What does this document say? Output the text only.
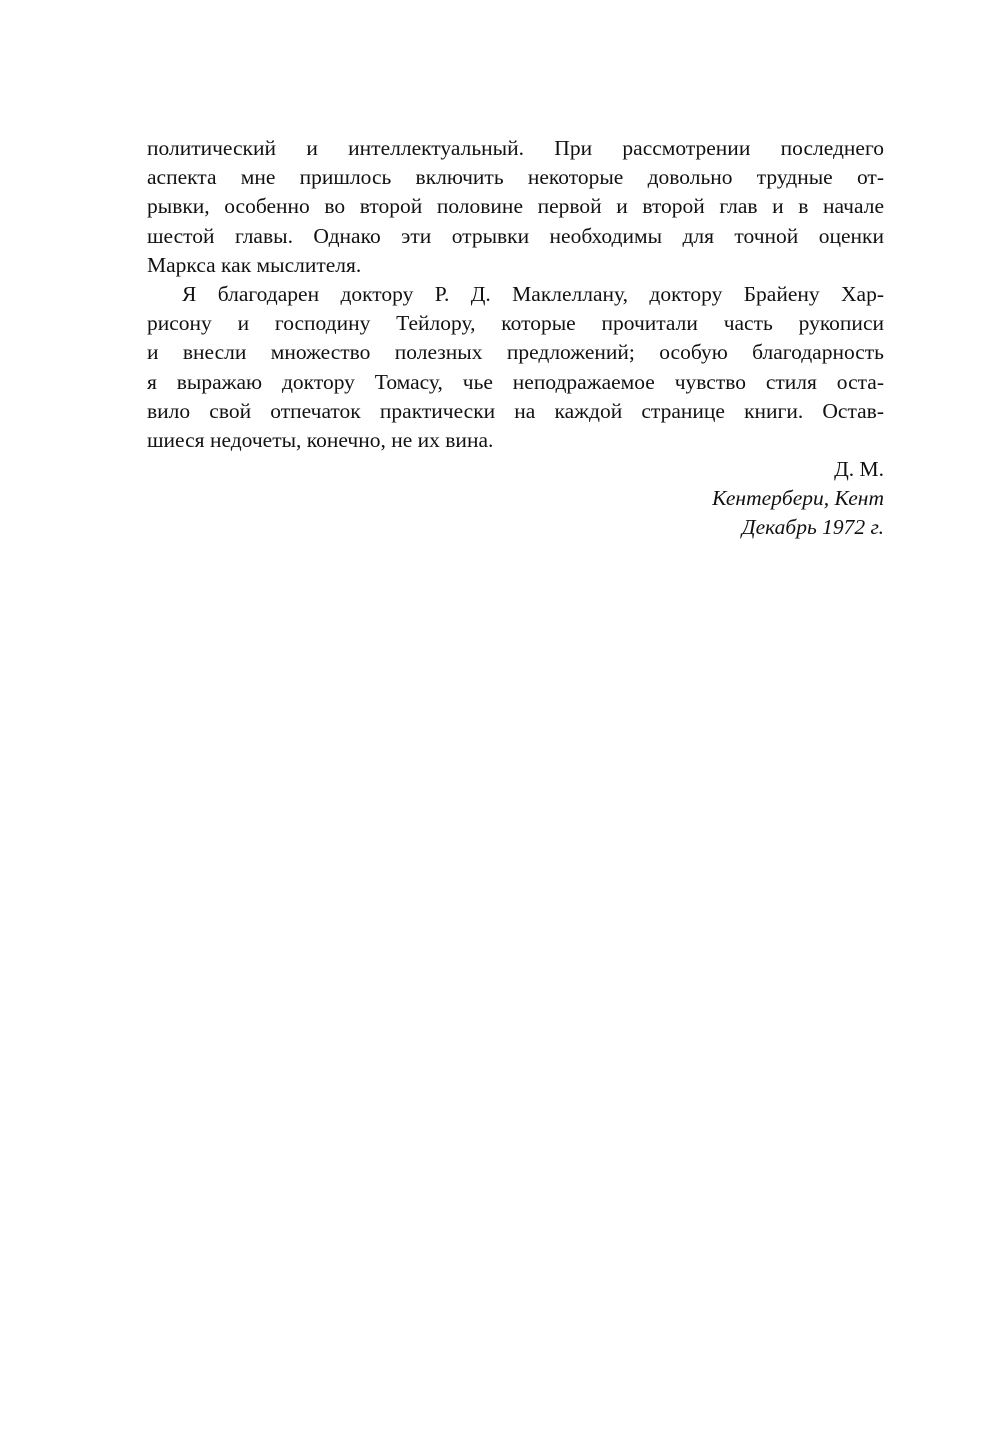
политический и интеллектуальный. При рассмотрении последнего
аспекта мне пришлось включить некоторые довольно трудные от-
рывки, особенно во второй половине первой и второй глав и в начале
шестой главы. Однако эти отрывки необходимы для точной оценки
Маркса как мыслителя.
Я благодарен доктору Р. Д. Маклеллану, доктору Брайену Хар-
рисону и господину Тейлору, которые прочитали часть рукописи
и внесли множество полезных предложений; особую благодарность
я выражаю доктору Томасу, чье неподражаемое чувство стиля оста-
вило свой отпечаток практически на каждой странице книги. Остав-
шиеся недочеты, конечно, не их вина.
Д. М.
Кентербери, Кент
Декабрь 1972 г.
